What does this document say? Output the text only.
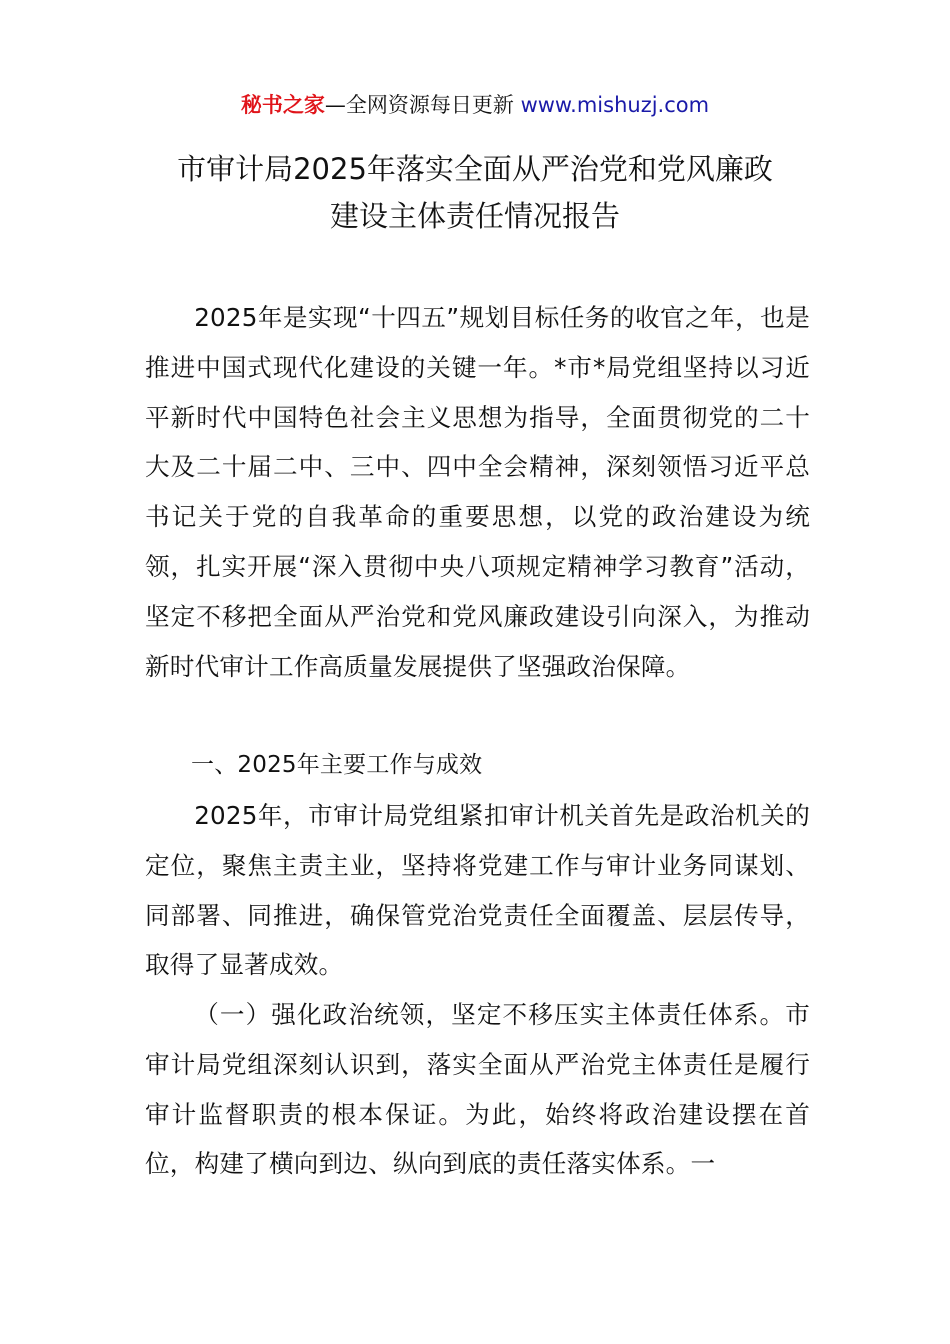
秘书之家—全网资源每日更新 www.mishuzj.com
市审计局2025年落实全面从严治党和党风廉政
建设主体责任情况报告

2025年是实现“十四五”规划目标任务的收官之年，也是推进中国式现代化建设的关键一年。*市*局党组坚持以习近平新时代中国特色社会主义思想为指导，全面贯彻党的二十大及二十届二中、三中、四中全会精神，深刻领悟习近平总书记关于党的自我革命的重要思想，以党的政治建设为统领，扎实开展“深入贯彻中央八项规定精神学习教育”活动，坚定不移把全面从严治党和党风廉政建设引向深入，为推动新时代审计工作高质量发展提供了坚强政治保障。

一、2025年主要工作与成效

2025年，市审计局党组紧扣审计机关首先是政治机关的定位，聚焦主责主业，坚持将党建工作与审计业务同谋划、同部署、同推进，确保管党治党责任全面覆盖、层层传导，取得了显著成效。

（一）强化政治统领，坚定不移压实主体责任体系。市审计局党组深刻认识到，落实全面从严治党主体责任是履行审计监督职责的根本保证。为此，始终将政治建设摆在首位，构建了横向到边、纵向到底的责任落实体系。一
